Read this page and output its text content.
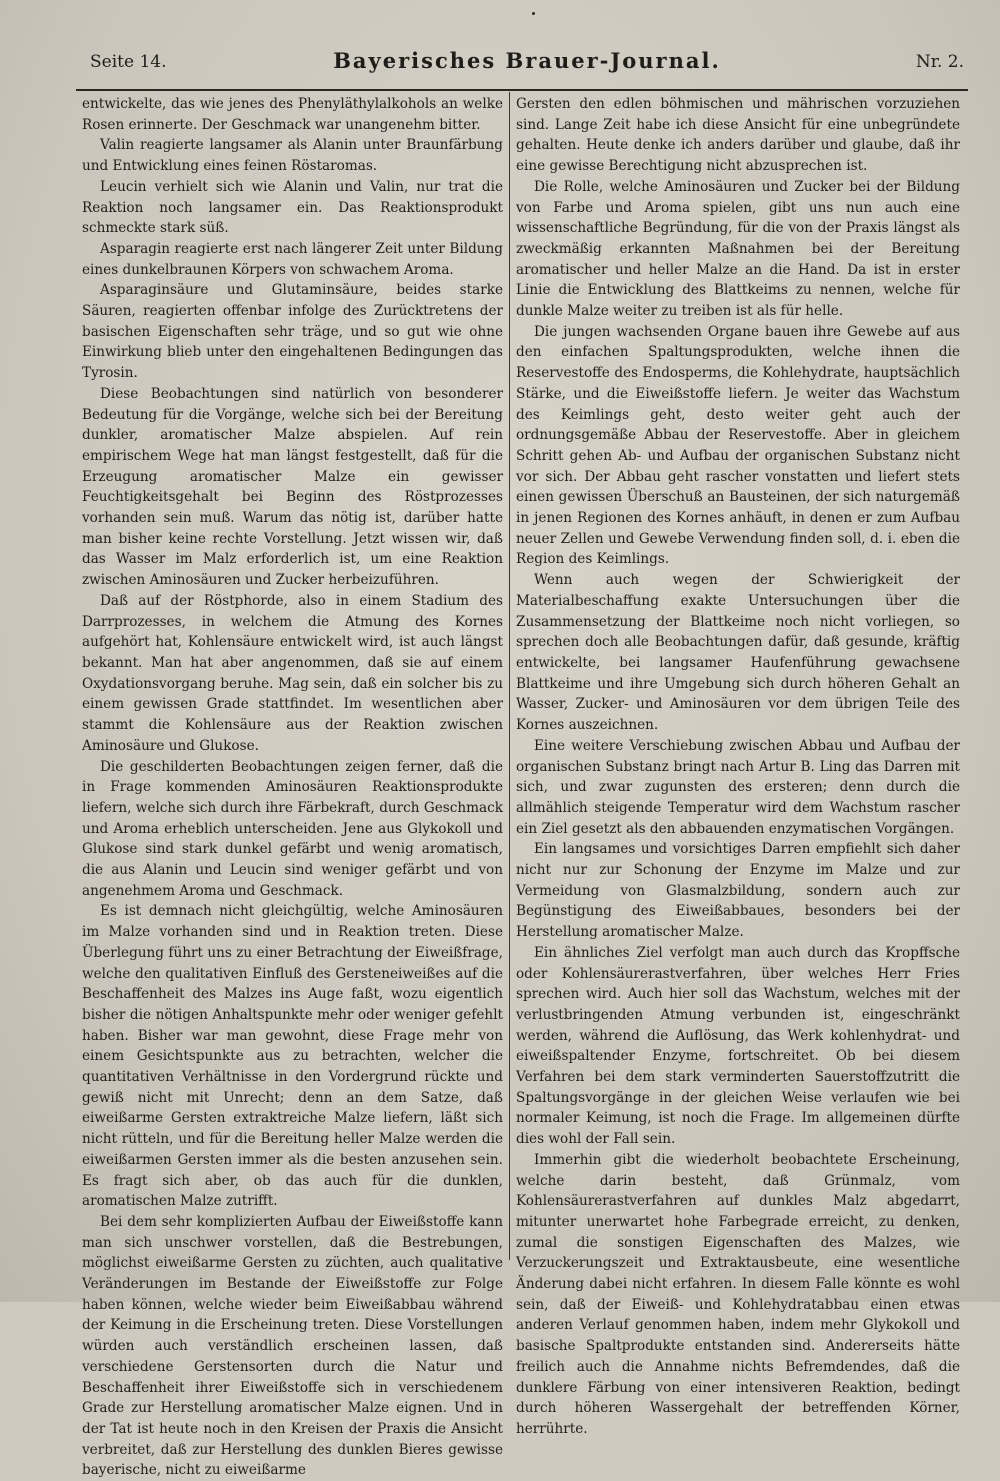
Seite 14.	Bayerisches Brauer-Journal.	Nr. 2.

entwickelte, das wie jenes des Phenyläthylalkohols an welke Rosen erinnerte. Der Geschmack war unangenehm bitter.

Valin reagierte langsamer als Alanin unter Braunfärbung und Entwicklung eines feinen Röstaromas.

Leucin verhielt sich wie Alanin und Valin, nur trat die Reaktion noch langsamer ein. Das Reaktionsprodukt schmeckte stark süß.

Asparagin reagierte erst nach längerer Zeit unter Bildung eines dunkelbraunen Körpers von schwachem Aroma.

Asparaginsäure und Glutaminsäure, beides starke Säuren, reagierten offenbar infolge des Zurücktretens der basischen Eigenschaften sehr träge, und so gut wie ohne Einwirkung blieb unter den eingehaltenen Bedingungen das Tyrosin.

Diese Beobachtungen sind natürlich von besonderer Bedeutung für die Vorgänge, welche sich bei der Bereitung dunkler, aromatischer Malze abspielen. Auf rein empirischem Wege hat man längst festgestellt, daß für die Erzeugung aromatischer Malze ein gewisser Feuchtigkeitsgehalt bei Beginn des Röstprozesses vorhanden sein muß. Warum das nötig ist, darüber hatte man bisher keine rechte Vorstellung. Jetzt wissen wir, daß das Wasser im Malz erforderlich ist, um eine Reaktion zwischen Aminosäuren und Zucker herbeizuführen.

Daß auf der Röstphorde, also in einem Stadium des Darrprozesses, in welchem die Atmung des Kornes aufgehört hat, Kohlensäure entwickelt wird, ist auch längst bekannt. Man hat aber angenommen, daß sie auf einem Oxydationsvorgang beruhe. Mag sein, daß ein solcher bis zu einem gewissen Grade stattfindet. Im wesentlichen aber stammt die Kohlensäure aus der Reaktion zwischen Aminosäure und Glukose.

Die geschilderten Beobachtungen zeigen ferner, daß die in Frage kommenden Aminosäuren Reaktionsprodukte liefern, welche sich durch ihre Färbekraft, durch Geschmack und Aroma erheblich unterscheiden. Jene aus Glykokoll und Glukose sind stark dunkel gefärbt und wenig aromatisch, die aus Alanin und Leucin sind weniger gefärbt und von angenehmem Aroma und Geschmack.

Es ist demnach nicht gleichgültig, welche Aminosäuren im Malze vorhanden sind und in Reaktion treten. Diese Überlegung führt uns zu einer Betrachtung der Eiweißfrage, welche den qualitativen Einfluß des Gersteneiweißes auf die Beschaffenheit des Malzes ins Auge faßt, wozu eigentlich bisher die nötigen Anhaltspunkte mehr oder weniger gefehlt haben. Bisher war man gewohnt, diese Frage mehr von einem Gesichtspunkte aus zu betrachten, welcher die quantitativen Verhältnisse in den Vordergrund rückte und gewiß nicht mit Unrecht; denn an dem Satze, daß eiweißarme Gersten extraktreiche Malze liefern, läßt sich nicht rütteln, und für die Bereitung heller Malze werden die eiweißarmen Gersten immer als die besten anzusehen sein. Es fragt sich aber, ob das auch für die dunklen, aromatischen Malze zutrifft.

Bei dem sehr komplizierten Aufbau der Eiweißstoffe kann man sich unschwer vorstellen, daß die Bestrebungen, möglichst eiweißarme Gersten zu züchten, auch qualitative Veränderungen im Bestande der Eiweißstoffe zur Folge haben können, welche wieder beim Eiweißabbau während der Keimung in die Erscheinung treten. Diese Vorstellungen würden auch verständlich erscheinen lassen, daß verschiedene Gerstensorten durch die Natur und Beschaffenheit ihrer Eiweißstoffe sich in verschiedenem Grade zur Herstellung aromatischer Malze eignen. Und in der Tat ist heute noch in den Kreisen der Praxis die Ansicht verbreitet, daß zur Herstellung des dunklen Bieres gewisse bayerische, nicht zu eiweißarme

Gersten den edlen böhmischen und mährischen vorzuziehen sind. Lange Zeit habe ich diese Ansicht für eine unbegründete gehalten. Heute denke ich anders darüber und glaube, daß ihr eine gewisse Berechtigung nicht abzusprechen ist.

Die Rolle, welche Aminosäuren und Zucker bei der Bildung von Farbe und Aroma spielen, gibt uns nun auch eine wissenschaftliche Begründung, für die von der Praxis längst als zweckmäßig erkannten Maßnahmen bei der Bereitung aromatischer und heller Malze an die Hand. Da ist in erster Linie die Entwicklung des Blattkeims zu nennen, welche für dunkle Malze weiter zu treiben ist als für helle.

Die jungen wachsenden Organe bauen ihre Gewebe auf aus den einfachen Spaltungsprodukten, welche ihnen die Reservestoffe des Endosperms, die Kohlehydrate, hauptsächlich Stärke, und die Eiweißstoffe liefern. Je weiter das Wachstum des Keimlings geht, desto weiter geht auch der ordnungsgemäße Abbau der Reservestoffe. Aber in gleichem Schritt gehen Ab- und Aufbau der organischen Substanz nicht vor sich. Der Abbau geht rascher vonstatten und liefert stets einen gewissen Überschuß an Bausteinen, der sich naturgemäß in jenen Regionen des Kornes anhäuft, in denen er zum Aufbau neuer Zellen und Gewebe Verwendung finden soll, d. i. eben die Region des Keimlings.

Wenn auch wegen der Schwierigkeit der Materialbeschaffung exakte Untersuchungen über die Zusammensetzung der Blattkeime noch nicht vorliegen, so sprechen doch alle Beobachtungen dafür, daß gesunde, kräftig entwickelte, bei langsamer Haufenführung gewachsene Blattkeime und ihre Umgebung sich durch höheren Gehalt an Wasser, Zucker- und Aminosäuren vor dem übrigen Teile des Kornes auszeichnen.

Eine weitere Verschiebung zwischen Abbau und Aufbau der organischen Substanz bringt nach Artur B. Ling das Darren mit sich, und zwar zugunsten des ersteren; denn durch die allmählich steigende Temperatur wird dem Wachstum rascher ein Ziel gesetzt als den abbauenden enzymatischen Vorgängen.

Ein langsames und vorsichtiges Darren empfiehlt sich daher nicht nur zur Schonung der Enzyme im Malze und zur Vermeidung von Glasmalzbildung, sondern auch zur Begünstigung des Eiweißabbaues, besonders bei der Herstellung aromatischer Malze.

Ein ähnliches Ziel verfolgt man auch durch das Kropffsche oder Kohlensäurerastverfahren, über welches Herr Fries sprechen wird. Auch hier soll das Wachstum, welches mit der verlustbringenden Atmung verbunden ist, eingeschränkt werden, während die Auflösung, das Werk kohlenhydrat- und eiweißspaltender Enzyme, fortschreitet. Ob bei diesem Verfahren bei dem stark verminderten Sauerstoffzutritt die Spaltungsvorgänge in der gleichen Weise verlaufen wie bei normaler Keimung, ist noch die Frage. Im allgemeinen dürfte dies wohl der Fall sein.

Immerhin gibt die wiederholt beobachtete Erscheinung, welche darin besteht, daß Grünmalz, vom Kohlensäurerastverfahren auf dunkles Malz abgedarrt, mitunter unerwartet hohe Farbegrade erreicht, zu denken, zumal die sonstigen Eigenschaften des Malzes, wie Verzuckerungszeit und Extraktausbeute, eine wesentliche Änderung dabei nicht erfahren. In diesem Falle könnte es wohl sein, daß der Eiweiß- und Kohlehydratabbau einen etwas anderen Verlauf genommen haben, indem mehr Glykokoll und basische Spaltprodukte entstanden sind. Andererseits hätte freilich auch die Annahme nichts Befremdendes, daß die dunklere Färbung von einer intensiveren Reaktion, bedingt durch höheren Wassergehalt der betreffenden Körner, herrührte.
